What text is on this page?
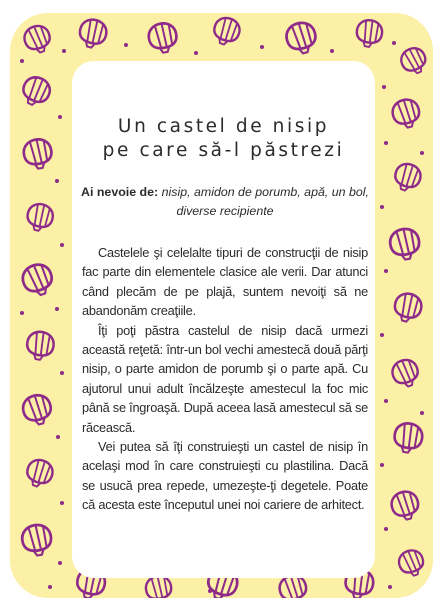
Un castel de nisip
pe care să-l păstrezi
Ai nevoie de: nisip, amidon de porumb, apă, un bol, diverse recipiente

Castelele şi celelalte tipuri de construcţii de nisip fac parte din elementele clasice ale verii. Dar atunci când plecăm de pe plajă, suntem nevoiţi să ne abandonăm creaţiile.

Îţi poţi păstra castelul de nisip dacă urmezi această reţetă: într-un bol vechi amestecă două părţi nisip, o parte amidon de porumb şi o parte apă. Cu ajutorul unui adult încălzeşte amestecul la foc mic până se îngroaşă. După aceea lasă amestecul să se răcească.

Vei putea să îţi construieşti un castel de nisip în acelaşi mod în care construieşti cu plastilina. Dacă se usucă prea repede, umezeşte-ţi degetele. Poate că acesta este începutul unei noi cariere de arhitect.
